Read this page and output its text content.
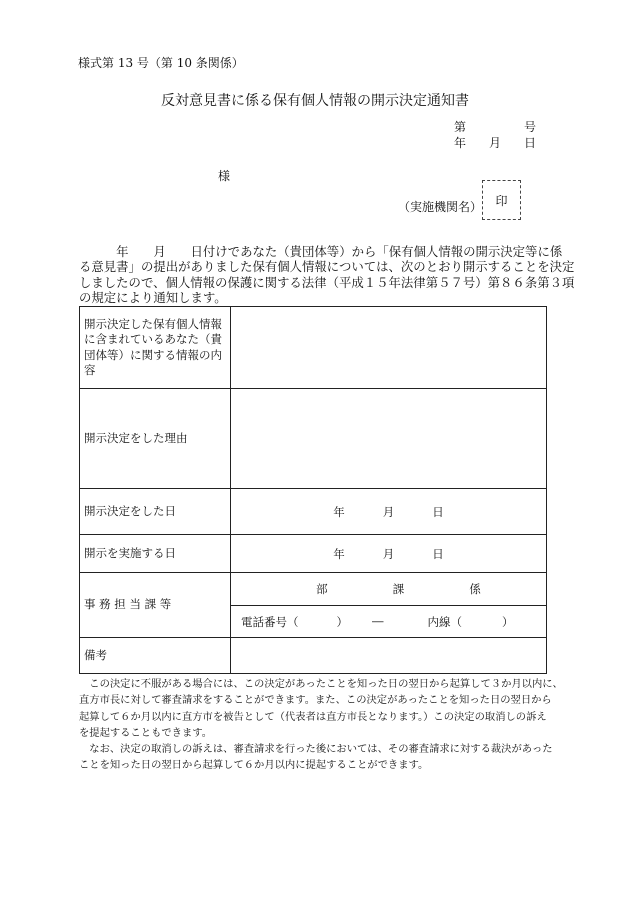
様式第 13 号（第 10 条関係）
反対意見書に係る保有個人情報の開示決定通知書
第	号
年 月 日
様
（実施機関名） 印
　　　年　　月　　日付けであなた（貴団体等）から「保有個人情報の開示決定等に係
る意見書」の提出がありました保有個人情報については、次のとおり開示することを決定
しましたので、個人情報の保護に関する法律（平成１５年法律第５７号）第８６条第３項
の規定により通知します。
開示決定した保有個人情報
に含まれているあなた（貴
団体等）に関する情報の内
容	

開示決定をした理由	
開示決定をした日	年 月 日

開示を実施する日	年 月 日

事 務 担 当 課 等	部 課 係

	電話番号（ ） ― 内線（ ）

備考	
　この決定に不服がある場合には、この決定があったことを知った日の翌日から起算して３か月以内に、
直方市長に対して審査請求をすることができます。また、この決定があったことを知った日の翌日から
起算して６か月以内に直方市を被告として（代表者は直方市長となります。）この決定の取消しの訴え
を提起することもできます。
　なお、決定の取消しの訴えは、審査請求を行った後においては、その審査請求に対する裁決があった
ことを知った日の翌日から起算して６か月以内に提起することができます。
